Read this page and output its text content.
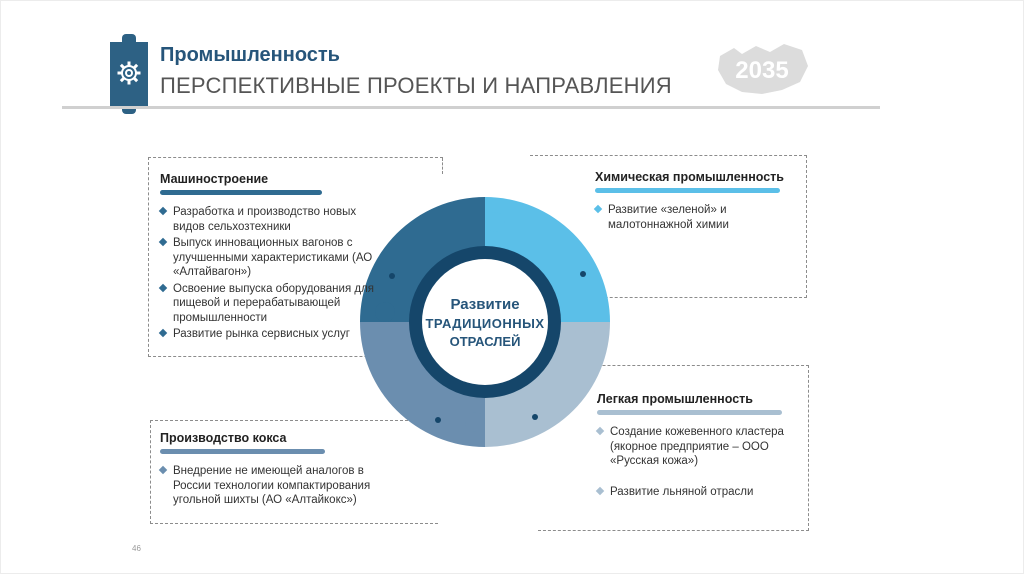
Промышленность
ПЕРСПЕКТИВНЫЕ ПРОЕКТЫ И НАПРАВЛЕНИЯ
2035
Развитие
ТРАДИЦИОННЫХ
ОТРАСЛЕЙ
Машиностроение
Разработка и производство новых видов сельхозтехники
Выпуск инновационных вагонов с улучшенными характеристиками (АО «Алтайвагон»)
Освоение выпуска оборудования для пищевой и перерабатывающей промышленности
Развитие рынка сервисных услуг
Химическая промышленность
Развитие «зеленой» и малотоннажной химии
Производство кокса
Внедрение не имеющей аналогов в России технологии компактирования угольной шихты (АО «Алтайкокс»)
Легкая промышленность
Создание кожевенного кластера (якорное предприятие – ООО «Русская кожа»)
Развитие льняной отрасли
46
